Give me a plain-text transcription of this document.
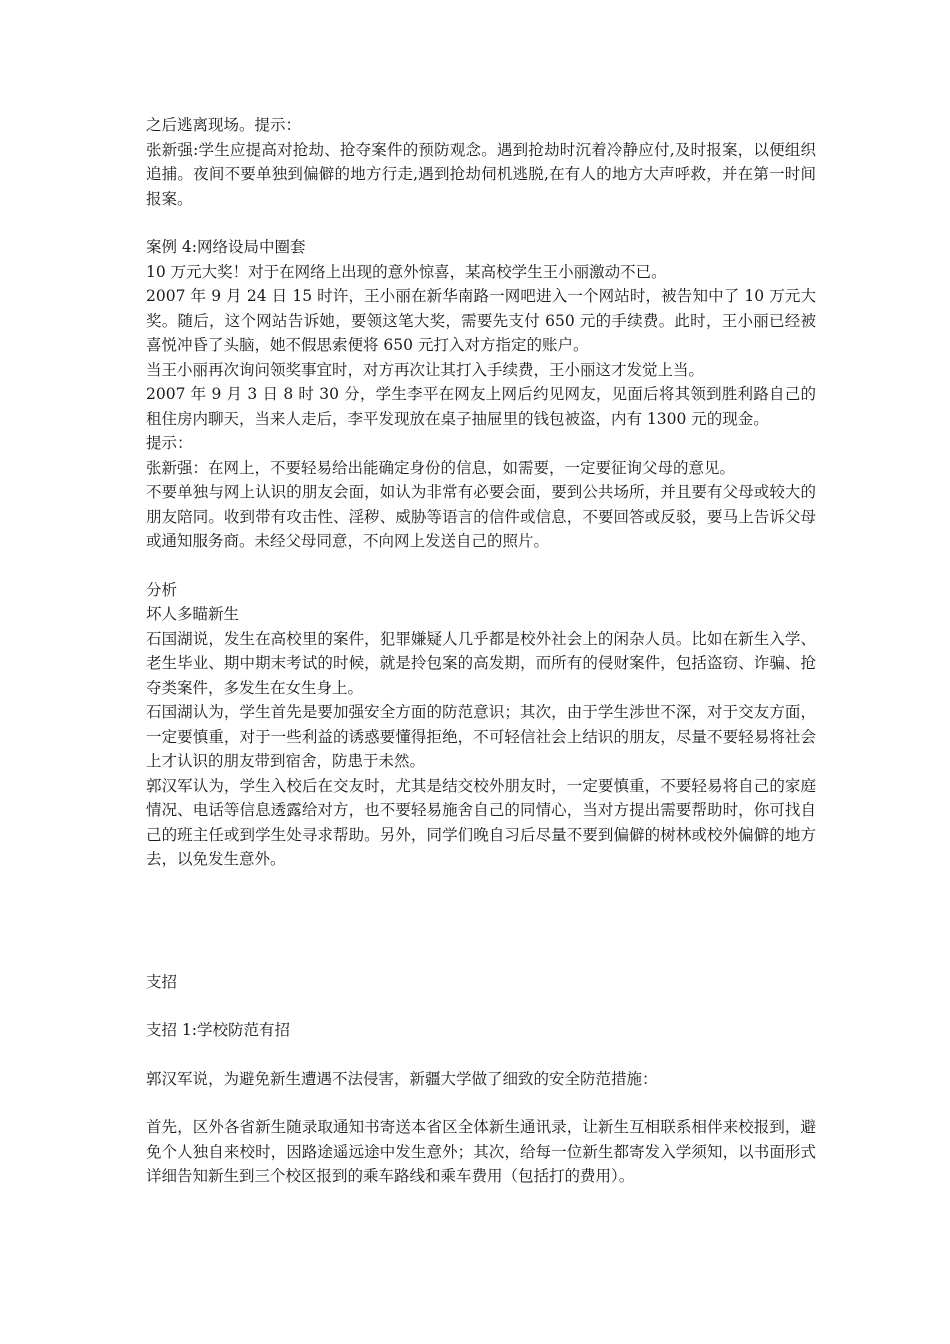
之后逃离现场。提示：

张新强:学生应提高对抢劫、抢夺案件的预防观念。遇到抢劫时沉着冷静应付,及时报案，以便组织追捕。夜间不要单独到偏僻的地方行走,遇到抢劫伺机逃脱,在有人的地方大声呼救，并在第一时间报案。

案例 4:网络设局中圈套

10 万元大奖！对于在网络上出现的意外惊喜，某高校学生王小丽激动不已。

2007 年 9 月 24 日 15 时许，王小丽在新华南路一网吧进入一个网站时，被告知中了 10 万元大奖。随后，这个网站告诉她，要领这笔大奖，需要先支付 650 元的手续费。此时，王小丽已经被喜悦冲昏了头脑，她不假思索便将 650 元打入对方指定的账户。

当王小丽再次询问领奖事宜时，对方再次让其打入手续费，王小丽这才发觉上当。

2007 年 9 月 3 日 8 时 30 分，学生李平在网友上网后约见网友，见面后将其领到胜利路自己的租住房内聊天，当来人走后，李平发现放在桌子抽屉里的钱包被盗，内有 1300 元的现金。

提示：

张新强：在网上，不要轻易给出能确定身份的信息，如需要，一定要征询父母的意见。

不要单独与网上认识的朋友会面，如认为非常有必要会面，要到公共场所，并且要有父母或较大的朋友陪同。收到带有攻击性、淫秽、威胁等语言的信件或信息，不要回答或反驳，要马上告诉父母或通知服务商。未经父母同意，不向网上发送自己的照片。

分析

坏人多瞄新生

石国湖说，发生在高校里的案件，犯罪嫌疑人几乎都是校外社会上的闲杂人员。比如在新生入学、老生毕业、期中期末考试的时候，就是拎包案的高发期，而所有的侵财案件，包括盗窃、诈骗、抢夺类案件，多发生在女生身上。

石国湖认为，学生首先是要加强安全方面的防范意识；其次，由于学生涉世不深，对于交友方面，一定要慎重，对于一些利益的诱惑要懂得拒绝，不可轻信社会上结识的朋友，尽量不要轻易将社会上才认识的朋友带到宿舍，防患于未然。

郭汉军认为，学生入校后在交友时，尤其是结交校外朋友时，一定要慎重，不要轻易将自己的家庭情况、电话等信息透露给对方，也不要轻易施舍自己的同情心，当对方提出需要帮助时，你可找自己的班主任或到学生处寻求帮助。另外，同学们晚自习后尽量不要到偏僻的树林或校外偏僻的地方去，以免发生意外。

支招

支招 1:学校防范有招

郭汉军说，为避免新生遭遇不法侵害，新疆大学做了细致的安全防范措施：

首先，区外各省新生随录取通知书寄送本省区全体新生通讯录，让新生互相联系相伴来校报到，避免个人独自来校时，因路途遥远途中发生意外；其次，给每一位新生都寄发入学须知，以书面形式详细告知新生到三个校区报到的乘车路线和乘车费用（包括打的费用）。
